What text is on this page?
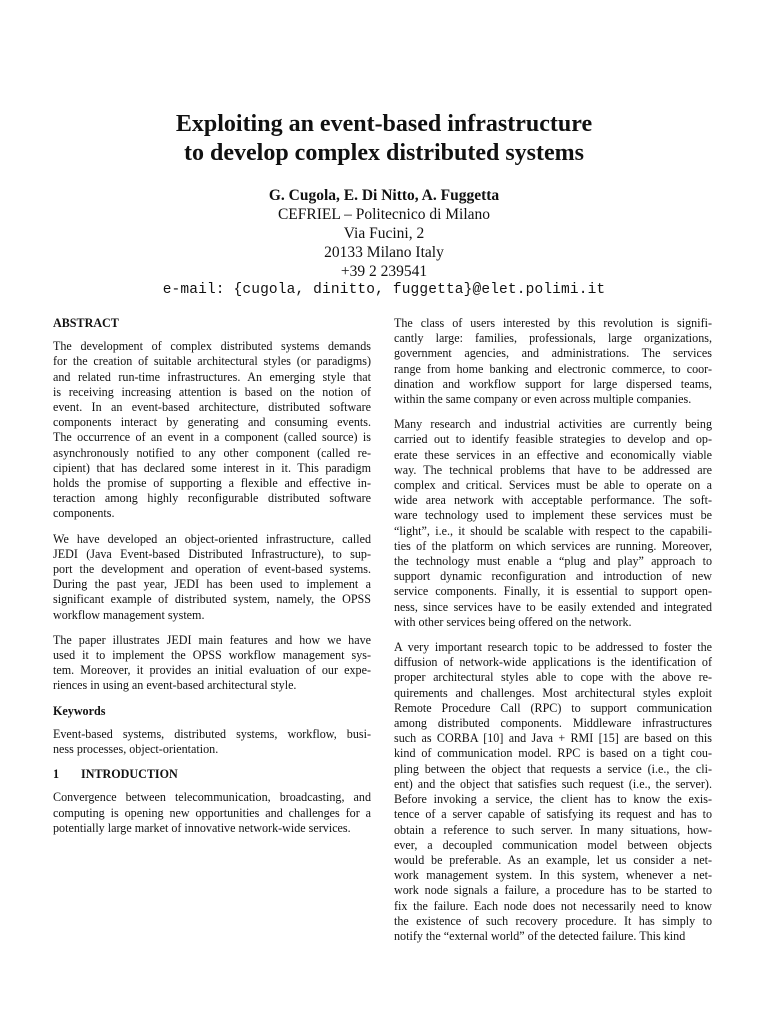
Exploiting an event-based infrastructure
to develop complex distributed systems
G. Cugola, E. Di Nitto, A. Fuggetta
CEFRIEL – Politecnico di Milano
Via Fucini, 2
20133 Milano Italy
+39 2 239541
e-mail: {cugola, dinitto, fuggetta}@elet.polimi.it
ABSTRACT

The development of complex distributed systems demands
for the creation of suitable architectural styles (or paradigms)
and related run-time infrastructures. An emerging style that
is receiving increasing attention is based on the notion of
event. In an event-based architecture, distributed software
components interact by generating and consuming events.
The occurrence of an event in a component (called source) is
asynchronously notified to any other component (called re-
cipient) that has declared some interest in it. This paradigm
holds the promise of supporting a flexible and effective in-
teraction among highly reconfigurable distributed software
components.

We have developed an object-oriented infrastructure, called
JEDI (Java Event-based Distributed Infrastructure), to sup-
port the development and operation of event-based systems.
During the past year, JEDI has been used to implement a
significant example of distributed system, namely, the OPSS
workflow management system.

The paper illustrates JEDI main features and how we have
used it to implement the OPSS workflow management sys-
tem. Moreover, it provides an initial evaluation of our expe-
riences in using an event-based architectural style.

Keywords

Event-based systems, distributed systems, workflow, busi-
ness processes, object-orientation.

1	INTRODUCTION

Convergence between telecommunication, broadcasting, and
computing is opening new opportunities and challenges for a
potentially large market of innovative network-wide services.

The class of users interested by this revolution is signifi-
cantly large: families, professionals, large organizations,
government agencies, and administrations. The services
range from home banking and electronic commerce, to coor-
dination and workflow support for large dispersed teams,
within the same company or even across multiple companies.

Many research and industrial activities are currently being
carried out to identify feasible strategies to develop and op-
erate these services in an effective and economically viable
way. The technical problems that have to be addressed are
complex and critical. Services must be able to operate on a
wide area network with acceptable performance. The soft-
ware technology used to implement these services must be
“light”, i.e., it should be scalable with respect to the capabili-
ties of the platform on which services are running. Moreover,
the technology must enable a “plug and play” approach to
support dynamic reconfiguration and introduction of new
service components. Finally, it is essential to support open-
ness, since services have to be easily extended and integrated
with other services being offered on the network.

A very important research topic to be addressed to foster the
diffusion of network-wide applications is the identification of
proper architectural styles able to cope with the above re-
quirements and challenges. Most architectural styles exploit
Remote Procedure Call (RPC) to support communication
among distributed components. Middleware infrastructures
such as CORBA [10] and Java + RMI [15] are based on this
kind of communication model. RPC is based on a tight cou-
pling between the object that requests a service (i.e., the cli-
ent) and the object that satisfies such request (i.e., the server).
Before invoking a service, the client has to know the exis-
tence of a server capable of satisfying its request and has to
obtain a reference to such server. In many situations, how-
ever, a decoupled communication model between objects
would be preferable. As an example, let us consider a net-
work management system. In this system, whenever a net-
work node signals a failure, a procedure has to be started to
fix the failure. Each node does not necessarily need to know
the existence of such recovery procedure. It has simply to
notify the “external world” of the detected failure. This kind
